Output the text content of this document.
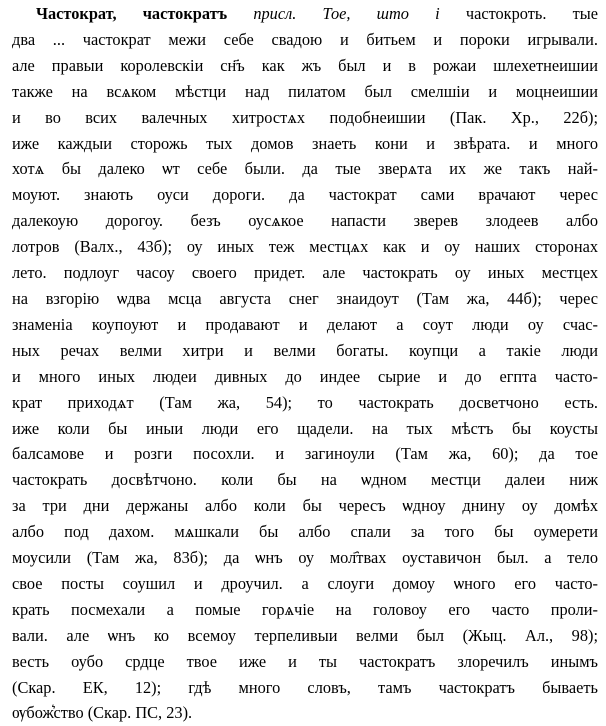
Частократ, частократъ присл. Тое, што і частокроть. тые
два ... частократ межи себе свадою и битьем и пороки игрывали.
але правыи королевскіи сн҃ъ как жъ был и в рожаи шлехетнеишии
также на всѧком мѣстци над пилатом был смелшіи и моцнеишии
и во всих валечных хитростѧх подобнеишии (Пак. Хр., 22б);
иже каждыи сторожь тых домов знаеть кони и звѣрата. и много
хотѧ бы далеко ѡт себе были. да тые зверѧта их же такъ най-
моуют. знають оуси дороги. да частократ сами врачают черес
далекоую дорогоу. безъ оусѧкое напасти зверев злодеев албо
лотров (Валх., 43б); оу иных теж местцѧх как и оу наших сторонах
лето. подлоуг часоу своего придет. але частократь оу иных местцех
на взгорію ѡдва мсца августа снег знаидоут (Там жа, 44б); черес
знаменіа коупоуют и продавают и делают а соут люди оу счас-
ных речах велми хитри и велми богаты. коупци а такіе люди
и много иных людеи дивных до индее сырие и до егпта часто-
крат приходѧт (Там жа, 54); то частократь досветчоно есть.
иже коли бы иныи люди его щадели. на тых мѣстъ бы коусты
балсамове и розги посохли. и загиноули (Там жа, 60); да тое
частократь досвѣтчоно. коли бы на ѡдном местци далеи ниж
за три дни держаны албо коли бы чересъ ѡдноу днину оу домѣх
албо под дахом. мѧшкали бы албо спали за того бы оумерети
моусили (Там жа, 83б); да ѡнъ оу мол҄твах оуставичон был. а тело
свое посты соушил и дроучил. а слоуги домоу ѡного его часто-
крать посмехали а помые горѧчіе на головоу его часто проли-
вали. але ѡнъ ко всемоу терпеливыи велми был (Жыц. Ал., 98);
весть оубо срдце твое иже и ты частократъ злоречилъ инымъ
(Скар. ЕК, 12); гдѣ много словъ, тамъ частократъ бываеть
ѹбож͛ство (Скар. ПС, 23).
